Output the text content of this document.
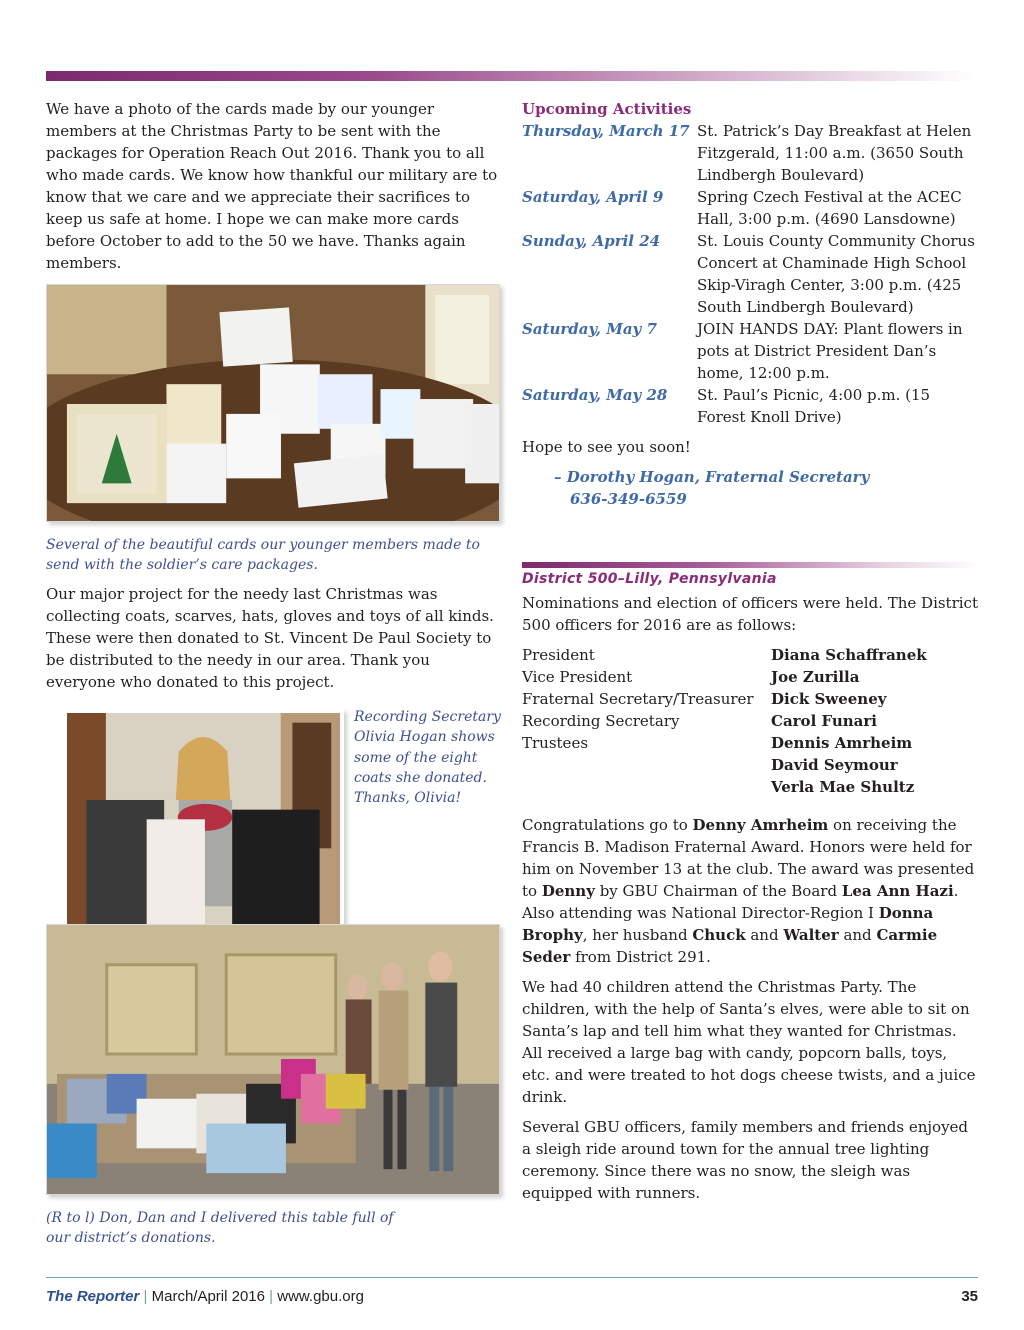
We have a photo of the cards made by our younger members at the Christmas Party to be sent with the packages for Operation Reach Out 2016. Thank you to all who made cards. We know how thankful our military are to know that we care and we appreciate their sacrifices to keep us safe at home. I hope we can make more cards before October to add to the 50 we have. Thanks again members.

Several of the beautiful cards our younger members made to send with the soldier’s care packages.

Our major project for the needy last Christmas was collecting coats, scarves, hats, gloves and toys of all kinds. These were then donated to St. Vincent De Paul Society to be distributed to the needy in our area. Thank you everyone who donated to this project.

Recording Secretary Olivia Hogan shows some of the eight coats she donated. Thanks, Olivia!

(R to l) Don, Dan and I delivered this table full of our district’s donations.

Upcoming Activities

Thursday, March 17 St. Patrick’s Day Breakfast at Helen Fitzgerald, 11:00 a.m. (3650 South Lindbergh Boulevard)
Saturday, April 9	Spring Czech Festival at the ACEC Hall, 3:00 p.m. (4690 Lansdowne)
Sunday, April 24	St. Louis County Community Chorus Concert at Chaminade High School Skip-Viragh Center, 3:00 p.m. (425 South Lindbergh Boulevard)
Saturday, May 7	JOIN HANDS DAY: Plant flowers in pots at District President Dan’s home, 12:00 p.m.
Saturday, May 28	St. Paul’s Picnic, 4:00 p.m. (15 Forest Knoll Drive)

Hope to see you soon!

– Dorothy Hogan, Fraternal Secretary

636-349-6559

District 500–Lilly, Pennsylvania

Nominations and election of officers were held. The District 500 officers for 2016 are as follows:

President	Diana Schaffranek
Vice President	Joe Zurilla
Fraternal Secretary/Treasurer	Dick Sweeney
Recording Secretary	Carol Funari
Trustees	Dennis Amrheim
David Seymour
Verla Mae Shultz

Congratulations go to Denny Amrheim on receiving the Francis B. Madison Fraternal Award. Honors were held for him on November 13 at the club. The award was presented to Denny by GBU Chairman of the Board Lea Ann Hazi. Also attending was National Director-Region I Donna Brophy, her husband Chuck and Walter and Carmie Seder from District 291.

We had 40 children attend the Christmas Party. The children, with the help of Santa’s elves, were able to sit on Santa’s lap and tell him what they wanted for Christmas. All received a large bag with candy, popcorn balls, toys, etc. and were treated to hot dogs cheese twists, and a juice drink.

Several GBU officers, family members and friends enjoyed a sleigh ride around town for the annual tree lighting ceremony. Since there was no snow, the sleigh was equipped with runners.

The Reporter | March/April 2016 | www.gbu.org	35
